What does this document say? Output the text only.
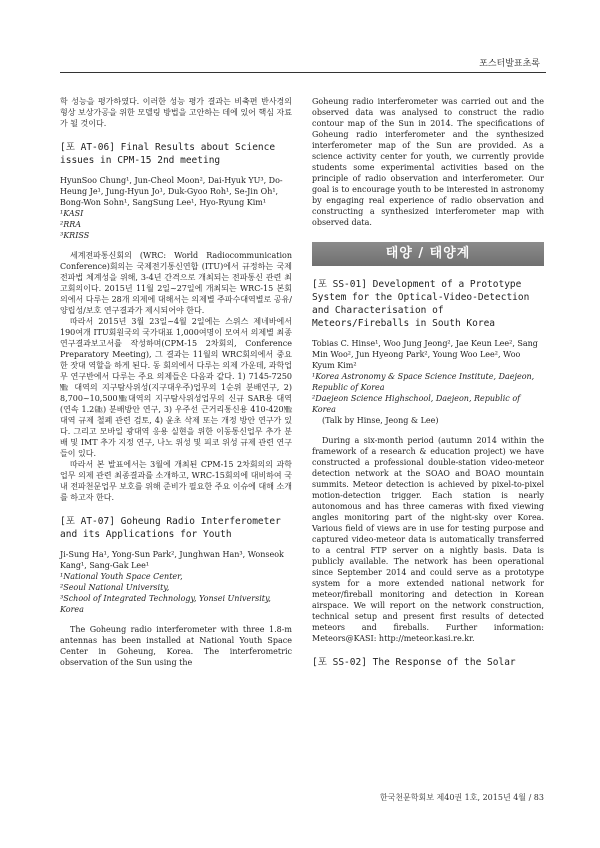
포스터발표초록

학 성능을 평가하였다. 이러한 성능 평가 결과는 비축편 반사경의 형상 보상가공을 위한 모델링 방법을 고안하는 데에 있어 핵심 자료가 될 것이다.

[포 AT-06] Final Results about Science issues in CPM-15 2nd meeting
HyunSoo Chung¹, Jun-Cheol Moon², Dai-Hyuk YU³, Do-Heung Je¹, Jung-Hyun Jo¹, Duk-Gyoo Roh¹, Se-Jin Oh¹, Bong-Won Sohn¹, SangSung Lee¹, Hyo-Ryung Kim¹
¹KASI
²RRA
³KRISS

세계전파통신회의 (WRC: World Radiocommunication Conference)회의는 국제전기통신연합 (ITU)에서 규정하는 국제 전파법 체계성을 위해, 3-4년 간격으로 개최되는 전파통신 관련 최고회의이다. 2015년 11월 2일~27일에 개최되는 WRC-15 본회의에서 다루는 28개 의제에 대해서는 의제별 주파수대역별로 공유/양립성/보호 연구결과가 제시되어야 한다.

따라서 2015년 3월 23일~4월 2일에는 스위스 제네바에서 190여개 ITU회원국의 국가대표 1,000여명이 모여서 의제별 최종연구결과보고서를 작성하며(CPM-15 2차회의, Conference Preparatory Meeting), 그 결과는 11월의 WRC회의에서 중요한 잣대 역할을 하게 된다. 동 회의에서 다루는 의제 가운데, 과학업무 연구반에서 다루는 주요 의제들은 다음과 같다. 1) 7145-7250 ㎒ 대역의 지구탐사위성(지구대우주)업무의 1순위 분배연구, 2) 8,700~10,500㎒대역의 지구탐사위성업무의 신규 SAR용 대역(연속 1.2㎓) 분배방안 연구, 3) 우주선 근거리통신용 410-420㎒ 대역 규제 철폐 관련 검토, 4) 윤초 삭제 또는 개정 방안 연구가 있다. 그리고 모바일 광대역 응용 실현을 위한 이동통신업무 추가 분배 및 IMT 추가 지정 연구, 나노 위성 및 피코 위성 규제 관련 연구들이 있다.

따라서 본 발표에서는 3월에 개최된 CPM-15 2차회의의 과학업무 의제 관련 최종결과를 소개하고, WRC-15회의에 대비하여 국내 전파천문업무 보호를 위해 준비가 필요한 주요 이슈에 대해 소개를 하고자 한다.

[포 AT-07] Goheung Radio Interferometer and its Applications for Youth
Ji-Sung Ha¹, Yong-Sun Park², Junghwan Han³, Wonseok Kang¹, Sang-Gak Lee¹
¹National Youth Space Center,
²Seoul National University,
³School of Integrated Technology, Yonsei University, Korea

The Goheung radio interferometer with three 1.8-m antennas has been installed at National Youth Space Center in Goheung, Korea. The interferometric observation of the Sun using the

Goheung radio interferometer was carried out and the observed data was analysed to construct the radio contour map of the Sun in 2014. The specifications of Goheung radio interferometer and the synthesized interferometer map of the Sun are provided. As a science activity center for youth, we currently provide students some experimental activities based on the principle of radio observation and interferometer. Our goal is to encourage youth to be interested in astronomy by engaging real experience of radio observation and constructing a synthesized interferometer map with observed data.

태양 / 태양계
[포 SS-01] Development of a Prototype System for the Optical-Video-Detection and Characterisation of Meteors/Fireballs in South Korea
Tobias C. Hinse¹, Woo Jung Jeong², Jae Keun Lee², Sang Min Woo², Jun Hyeong Park², Young Woo Lee², Woo Kyum Kim²
¹Korea Astronomy & Space Science Institute, Daejeon, Republic of Korea
²Daejeon Science Highschool, Daejeon, Republic of Korea
(Talk by Hinse, Jeong & Lee)

During a six-month period (autumn 2014 within the framework of a research & education project) we have constructed a professional double-station video-meteor detection network at the SOAO and BOAO mountain summits. Meteor detection is achieved by pixel-to-pixel motion-detection trigger. Each station is nearly autonomous and has three cameras with fixed viewing angles monitoring part of the night-sky over Korea. Various field of views are in use for testing purpose and captured video-meteor data is automatically transferred to a central FTP server on a nightly basis. Data is publicly available. The network has been operational since September 2014 and could serve as a prototype system for a more extended national network for meteor/fireball monitoring and detection in Korean airspace. We will report on the network construction, technical setup and present first results of detected meteors and fireballs. Further information: Meteors@KASI: http://meteor.kasi.re.kr.

[포 SS-02] The Response of the Solar
한국천문학회보 제40권 1호, 2015년 4월 / 83
